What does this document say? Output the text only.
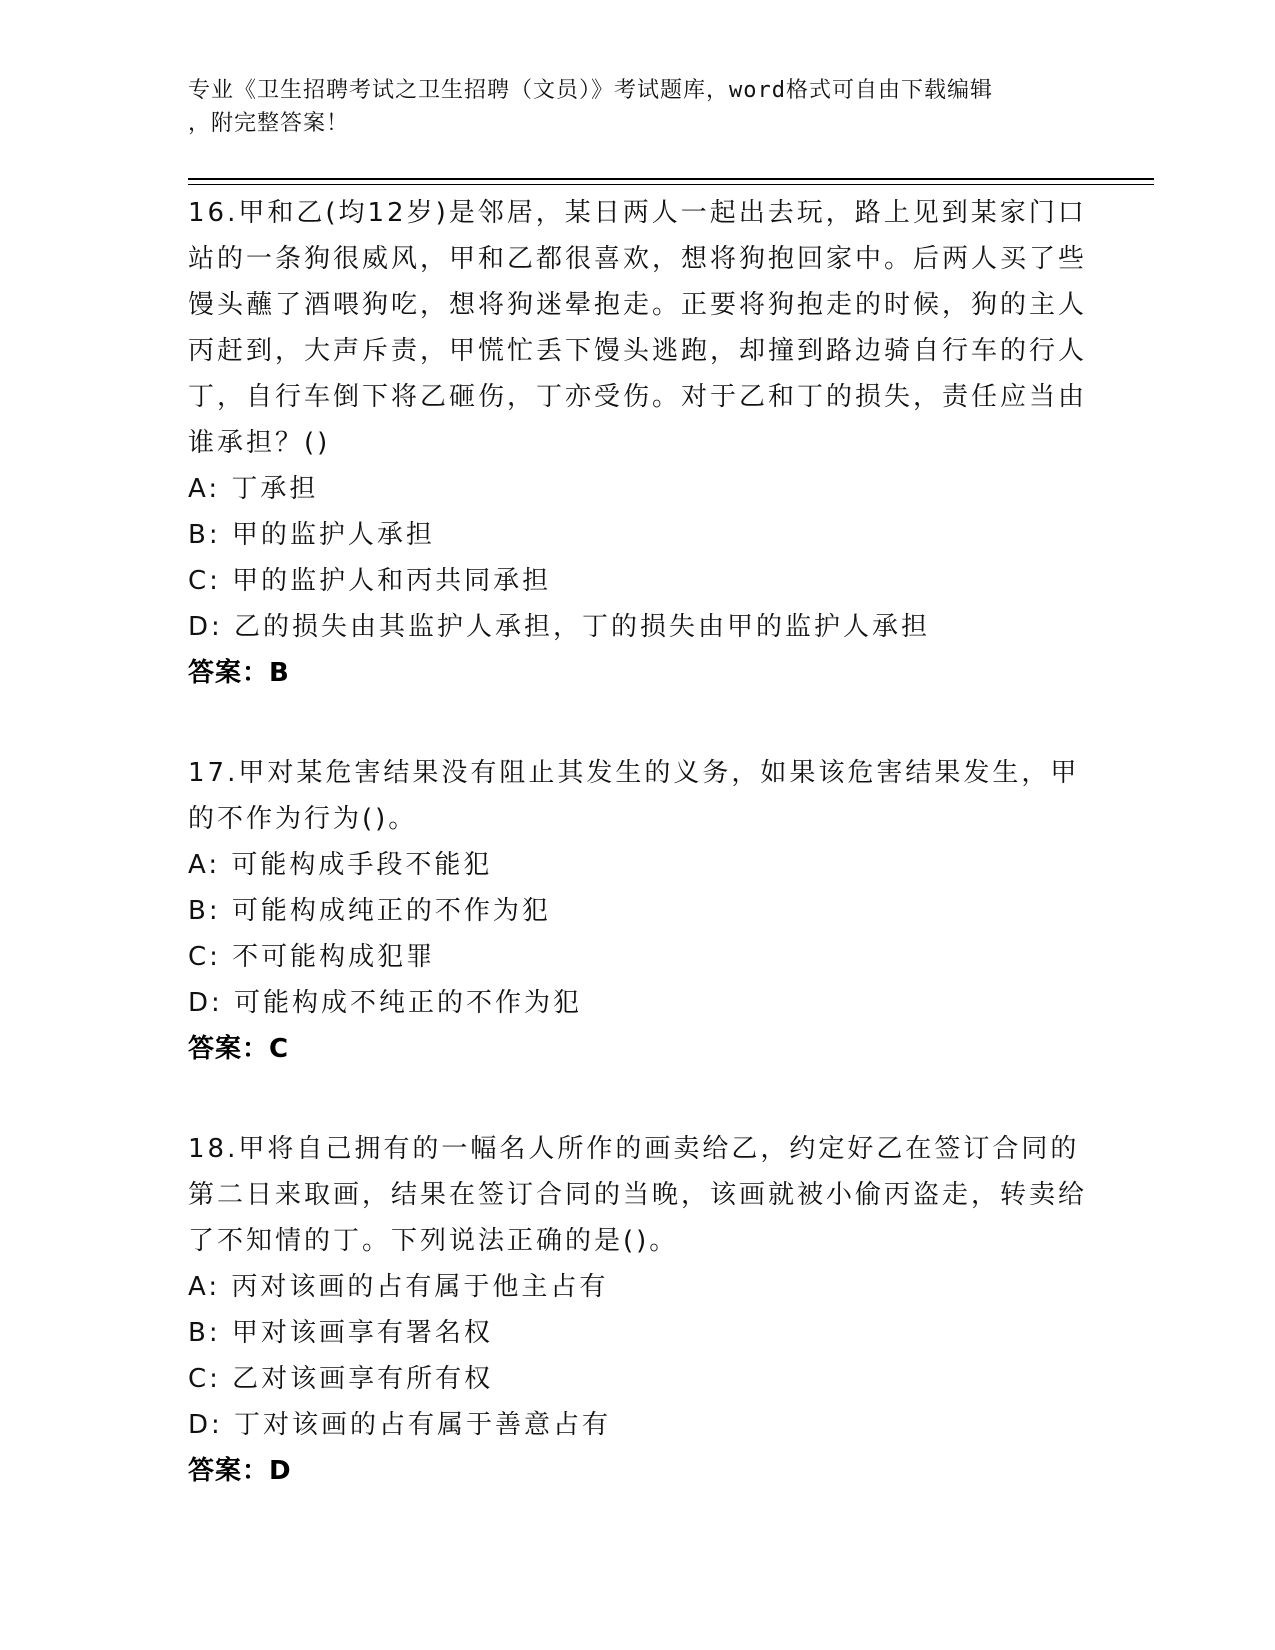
专业《卫生招聘考试之卫生招聘（文员）》考试题库，word格式可自由下载编辑
，附完整答案！
16.甲和乙(均12岁)是邻居，某日两人一起出去玩，路上见到某家门口站的一条狗很威风，甲和乙都很喜欢，想将狗抱回家中。后两人买了些馒头蘸了酒喂狗吃，想将狗迷晕抱走。正要将狗抱走的时候，狗的主人丙赶到，大声斥责，甲慌忙丢下馒头逃跑，却撞到路边骑自行车的行人丁，自行车倒下将乙砸伤，丁亦受伤。对于乙和丁的损失，责任应当由谁承担？()
A: 丁承担
B: 甲的监护人承担
C: 甲的监护人和丙共同承担
D: 乙的损失由其监护人承担，丁的损失由甲的监护人承担
答案：B
17.甲对某危害结果没有阻止其发生的义务，如果该危害结果发生，甲的不作为行为()。
A: 可能构成手段不能犯
B: 可能构成纯正的不作为犯
C: 不可能构成犯罪
D: 可能构成不纯正的不作为犯
答案：C
18.甲将自己拥有的一幅名人所作的画卖给乙，约定好乙在签订合同的第二日来取画，结果在签订合同的当晚，该画就被小偷丙盗走，转卖给了不知情的丁。下列说法正确的是()。
A: 丙对该画的占有属于他主占有
B: 甲对该画享有署名权
C: 乙对该画享有所有权
D: 丁对该画的占有属于善意占有
答案：D
